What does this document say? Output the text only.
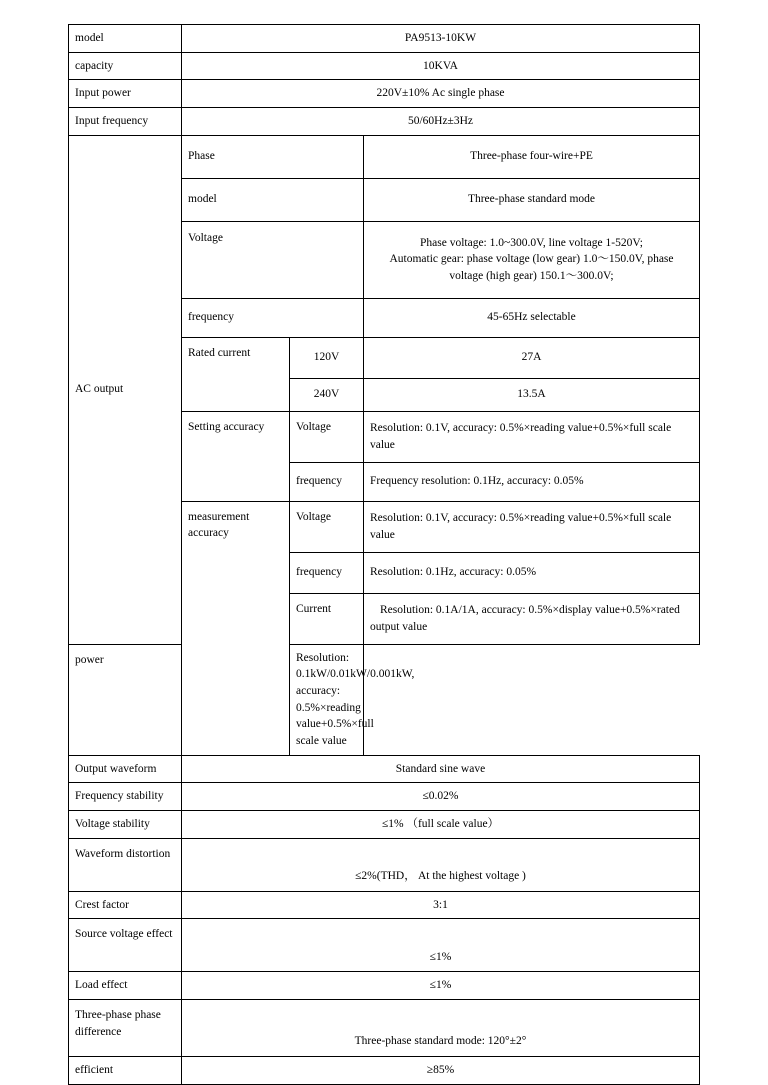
model	PA9513-10KW		
capacity	10KVA		
Input power	220V±10% Ac single phase		
Input frequency	50/60Hz±3Hz		
AC output	Phase		Three-phase four-wire+PE
	model		Three-phase standard mode
	Voltage		Phase voltage: 1.0~300.0V, line voltage 1-520V;
Automatic gear: phase voltage (low gear) 1.0～150.0V, phase
voltage (high gear) 150.1～300.0V;

	frequency		45-65Hz selectable
	Rated current	120V	27A
		240V	13.5A
	Setting accuracy	Voltage	Resolution: 0.1V, accuracy: 0.5%×reading value+0.5%×full scale value
		frequency	Frequency resolution: 0.1Hz, accuracy: 0.05%
	measurement accuracy	Voltage	Resolution: 0.1V, accuracy: 0.5%×reading value+0.5%×full scale value
		frequency	Resolution: 0.1Hz, accuracy: 0.05%
		Current	Resolution: 0.1A/1A, accuracy: 0.5%×display value+0.5%×rated output value
power		Resolution: 0.1kW/0.01kW/0.001kW, accuracy: 0.5%×reading value+0.5%×full scale value	
Output waveform	Standard sine wave		
Frequency stability	≤0.02%		
Voltage stability	≤1% （full scale value）		
Waveform distortion	≤2%(THD， At the highest voltage )		
Crest factor	3:1		
Source voltage effect	≤1%		
Load effect	≤1%		
Three-phase phase difference	Three-phase standard mode: 120°±2°		
efficient	≥85%		
